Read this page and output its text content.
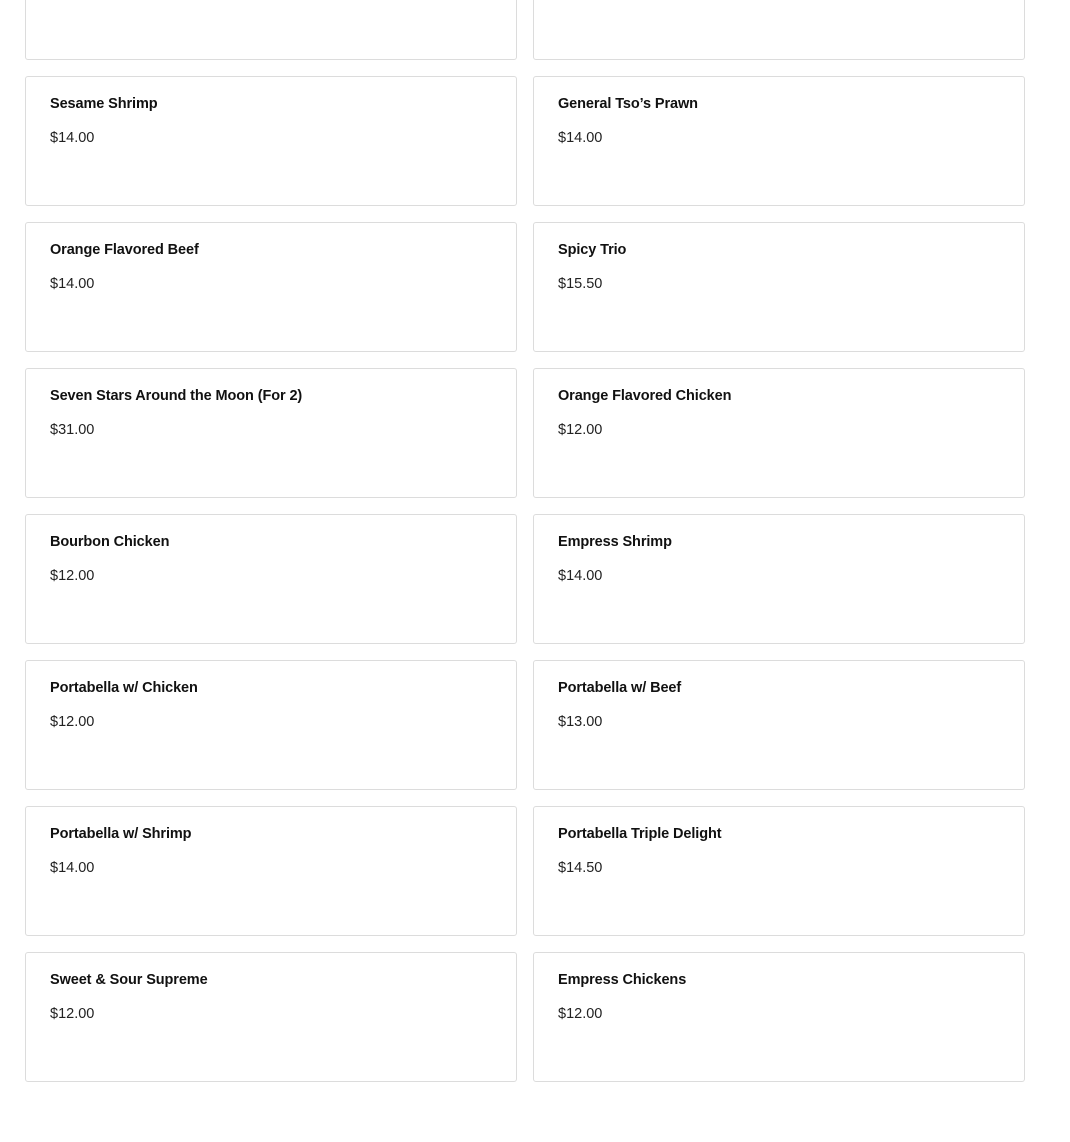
Sesame Shrimp
$14.00
General Tso’s Prawn
$14.00
Orange Flavored Beef
$14.00
Spicy Trio
$15.50
Seven Stars Around the Moon (For 2)
$31.00
Orange Flavored Chicken
$12.00
Bourbon Chicken
$12.00
Empress Shrimp
$14.00
Portabella w/ Chicken
$12.00
Portabella w/ Beef
$13.00
Portabella w/ Shrimp
$14.00
Portabella Triple Delight
$14.50
Sweet & Sour Supreme
$12.00
Empress Chickens
$12.00
